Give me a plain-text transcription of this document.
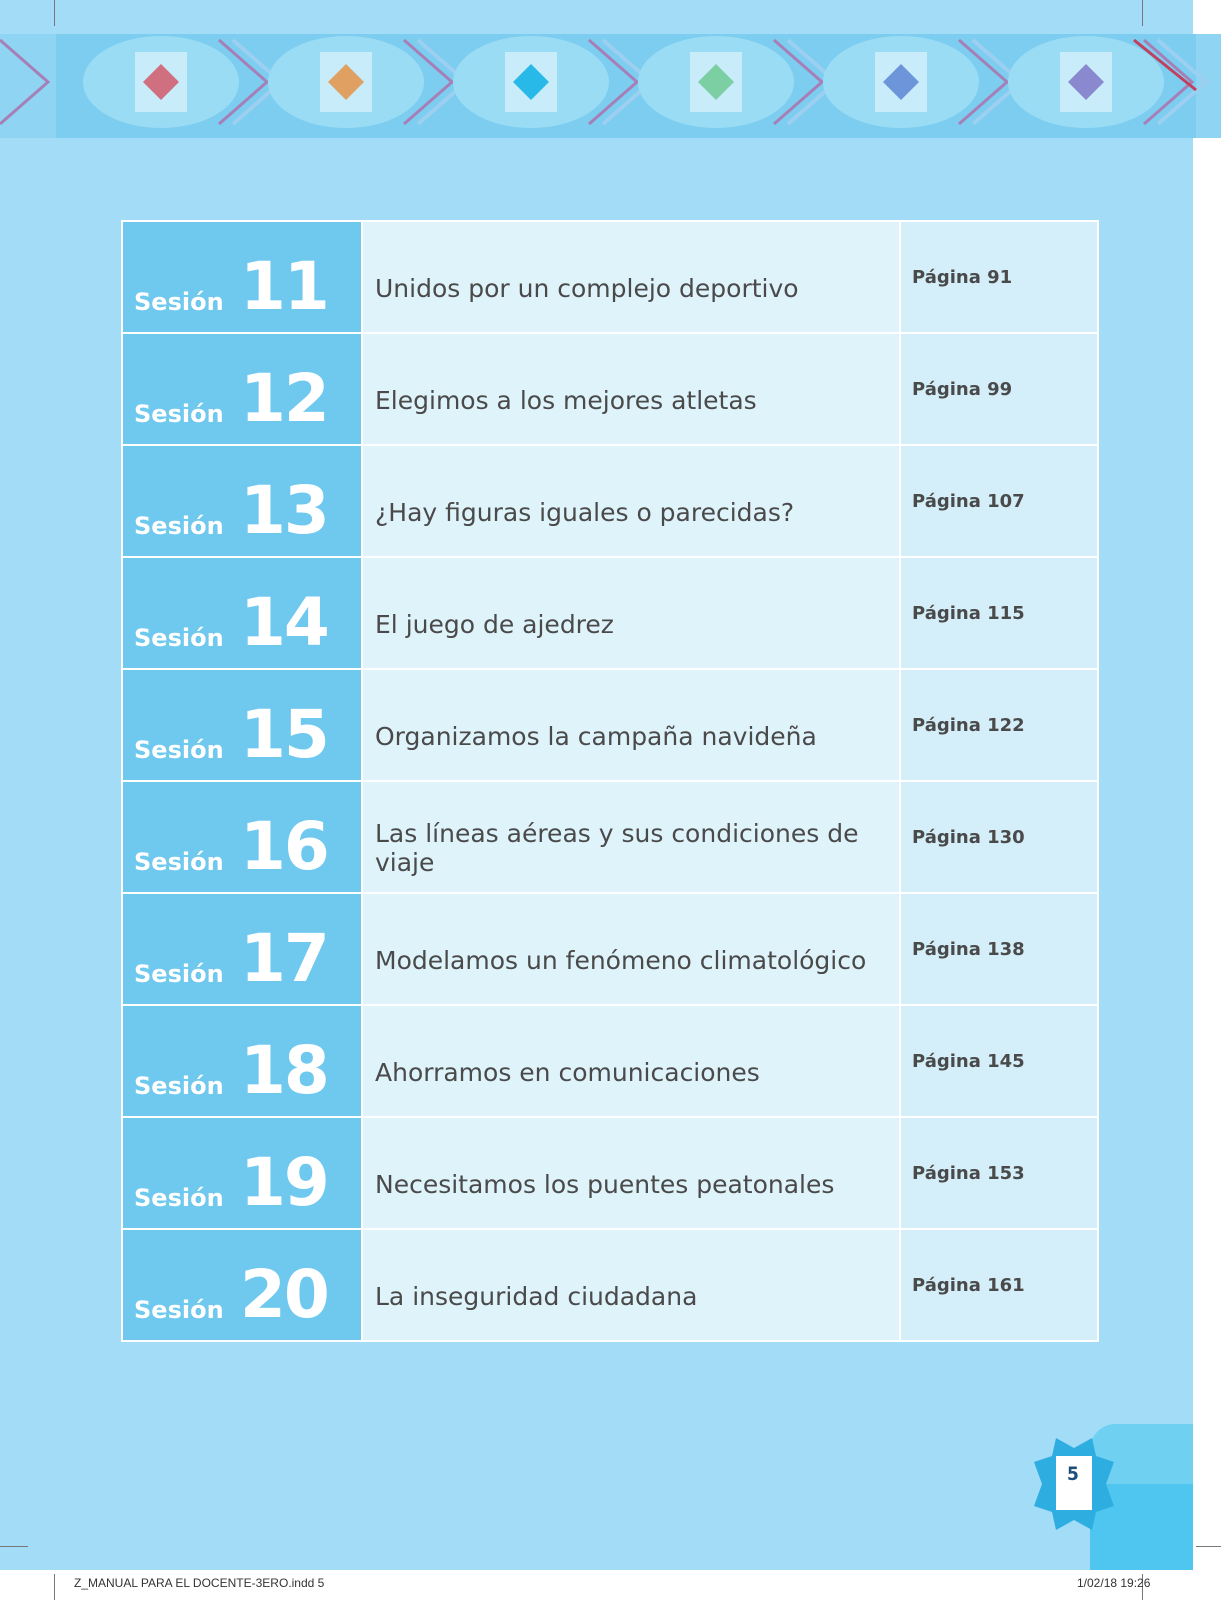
Sesión 11	Unidos por un complejo deportivo	Página 91

Sesión 12	Elegimos a los mejores atletas	Página 99

Sesión 13	¿Hay figuras iguales o parecidas?	Página 107

Sesión 14	El juego de ajedrez	Página 115

Sesión 15	Organizamos la campaña navideña	Página 122

Sesión 16	Las líneas aéreas y sus condiciones de viaje	Página 130

Sesión 17	Modelamos un fenómeno climatológico	Página 138

Sesión 18	Ahorramos en comunicaciones	Página 145

Sesión 19	Necesitamos los puentes peatonales	Página 153

Sesión 20	La inseguridad ciudadana	Página 161
5
Z_MANUAL PARA EL DOCENTE-3ERO.indd 5	1/02/18 19:26
